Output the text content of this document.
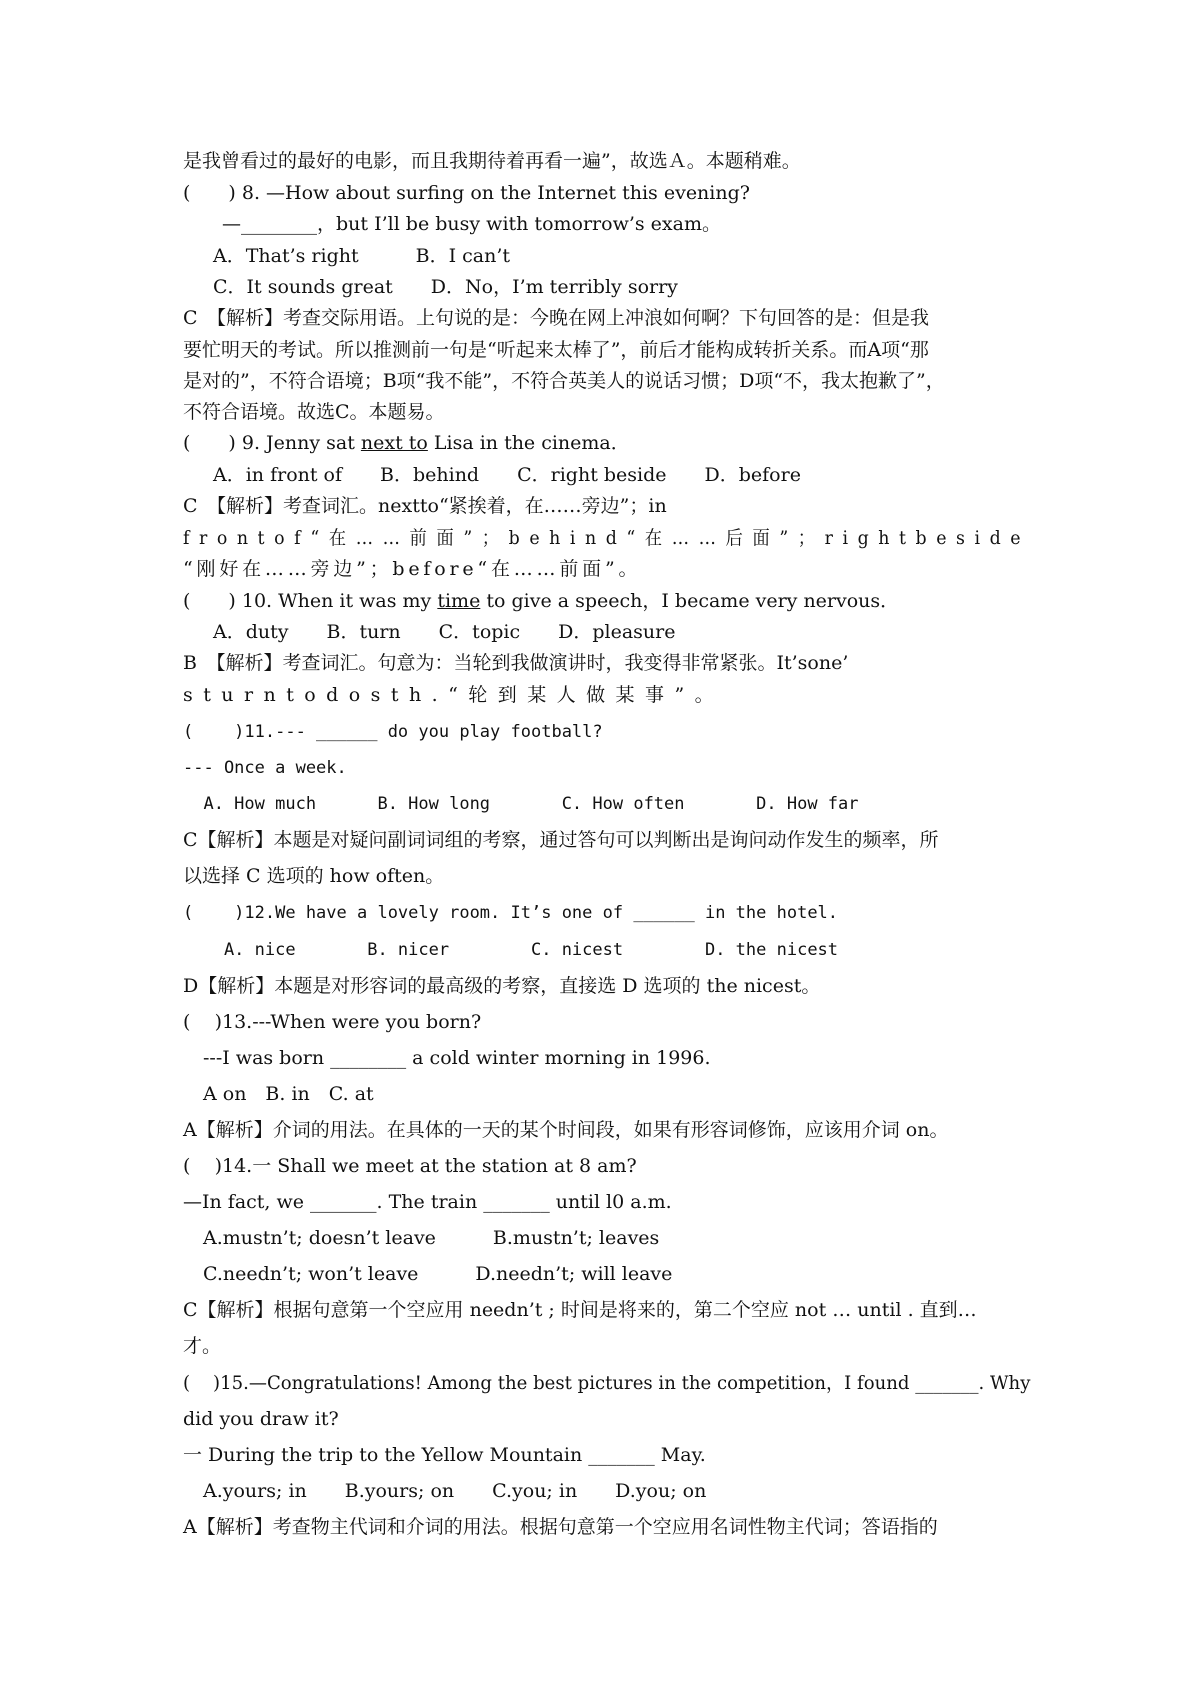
是我曾看过的最好的电影，而且我期待着再看一遍”，故选Ａ。本题稍难。
(　　) 8. —How about surfing on the Internet this evening?
—________，but I’ll be busy with tomorrow’s exam。
A．That’s right　　　B．I can’t
C．It sounds great　　D．No，I’m terribly sorry
C　【解析】考查交际用语。上句说的是：今晚在网上冲浪如何啊？下句回答的是：但是我
要忙明天的考试。所以推测前一句是“听起来太棒了”，前后才能构成转折关系。而A项“那
是对的”，不符合语境；B项“我不能”，不符合英美人的说话习惯；D项“不，我太抱歉了”，
不符合语境。故选C。本题易。
(　　) 9. Jenny sat next to Lisa in the cinema．
A．in front of　　B．behind　　C．right beside　　D．before
C　【解析】考查词汇。nextto“紧挨着，在……旁边”；in
frontof“在……前面”；behind“在……后面”；rightbeside
“刚好在……旁边”；before“在……前面”。
(　　) 10. When it was my time to give a speech，I became very nervous．
A．duty　　B．turn　　C．topic　　D．pleasure
B　【解析】考查词汇。句意为：当轮到我做演讲时，我变得非常紧张。It’sone’
sturntodosth.“轮到某人做某事”。
(    )11.--- ______ do you play football?
--- Once a week.
A. How much      B. How long       C. How often       D. How far
C【解析】本题是对疑问副词词组的考察，通过答句可以判断出是询问动作发生的频率，所
以选择 C 选项的 how often。
(    )12.We have a lovely room. It’s one of ______ in the hotel.
A. nice       B. nicer        C. nicest        D. the nicest
D【解析】本题是对形容词的最高级的考察，直接选 D 选项的 the nicest。
(    )13.---When were you born?
---I was born ________ a cold winter morning in 1996.
A on　B. in　C. at
A【解析】介词的用法。在具体的一天的某个时间段，如果有形容词修饰，应该用介词 on。
(    )14.一 Shall we meet at the station at 8 am?
—In fact, we _______. The train _______ until l0 a.m.
A.mustn’t; doesn’t leave　　　B.mustn’t; leaves
C.needn’t; won’t leave　　　D.needn’t; will leave
C【解析】根据句意第一个空应用 needn’t ; 时间是将来的，第二个空应 not … until . 直到…
才。
(    )15.—Congratulations! Among the best pictures in the competition，I found _______. Why
did you draw it?
一 During the trip to the Yellow Mountain _______ May.
A.yours; in　　B.yours; on　　C.you; in　　D.you; on
A【解析】考查物主代词和介词的用法。根据句意第一个空应用名词性物主代词；答语指的
